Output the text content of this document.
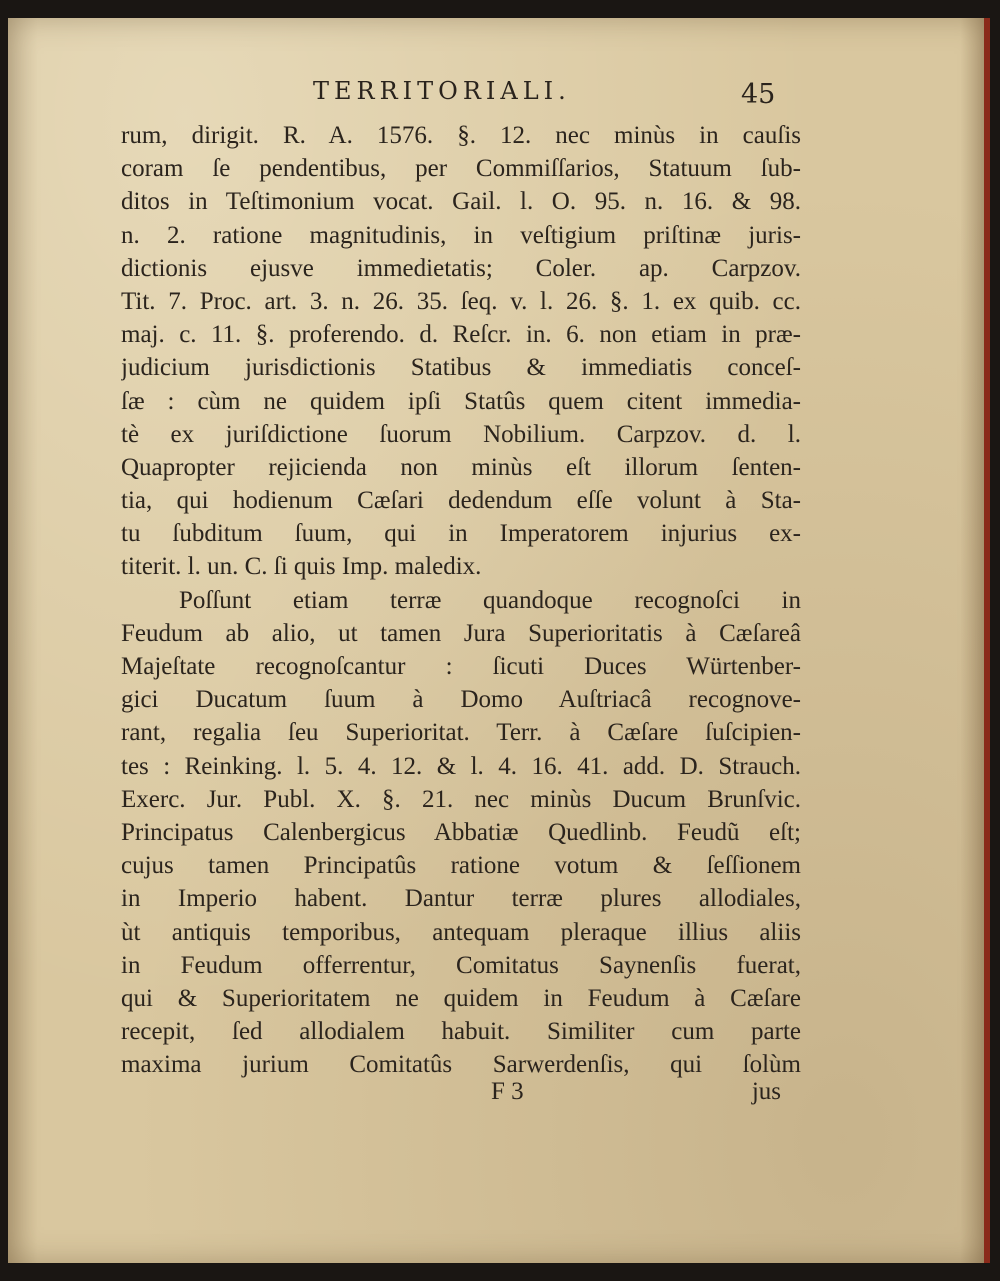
TERRITORIALI.	45
rum, dirigit. R. A. 1576. §. 12. nec minùs in cauſis
coram ſe pendentibus, per Commiſſarios, Statuum ſub-
ditos in Teſtimonium vocat. Gail. l. O. 95. n. 16. & 98.
n. 2. ratione magnitudinis, in veſtigium priſtinæ juris-
dictionis ejusve immedietatis; Coler. ap. Carpzov.
Tit. 7. Proc. art. 3. n. 26. 35. ſeq. v. l. 26. §. 1. ex quib. cc.
maj. c. 11. §. proferendo. d. Reſcr. in. 6. non etiam in præ-
judicium jurisdictionis Statibus & immediatis conceſ-
ſæ : cùm ne quidem ipſi Statûs quem citent immedia-
tè ex juriſdictione ſuorum Nobilium. Carpzov. d. l.
Quapropter rejicienda non minùs eſt illorum ſenten-
tia, qui hodienum Cæſari dedendum eſſe volunt à Sta-
tu ſubditum ſuum, qui in Imperatorem injurius ex-
titerit. l. un. C. ſi quis Imp. maledix.
Poſſunt etiam terræ quandoque recognoſci in
Feudum ab alio, ut tamen Jura Superioritatis à Cæſareâ
Majeſtate recognoſcantur : ſicuti Duces Würtenber-
gici Ducatum ſuum à Domo Auſtriacâ recognove-
rant, regalia ſeu Superioritat. Terr. à Cæſare ſuſcipien-
tes : Reinking. l. 5. 4. 12. & l. 4. 16. 41. add. D. Strauch.
Exerc. Jur. Publ. X. §. 21. nec minùs Ducum Brunſvic.
Principatus Calenbergicus Abbatiæ Quedlinb. Feudũ eſt;
cujus tamen Principatûs ratione votum & ſeſſionem
in Imperio habent. Dantur terræ plures allodiales,
ùt antiquis temporibus, antequam pleraque illius aliis
in Feudum offerrentur, Comitatus Saynenſis fuerat,
qui & Superioritatem ne quidem in Feudum à Cæſare
recepit, ſed allodialem habuit. Similiter cum parte
maxima jurium Comitatûs Sarwerdenſis, qui ſolùm
F 3	jus
